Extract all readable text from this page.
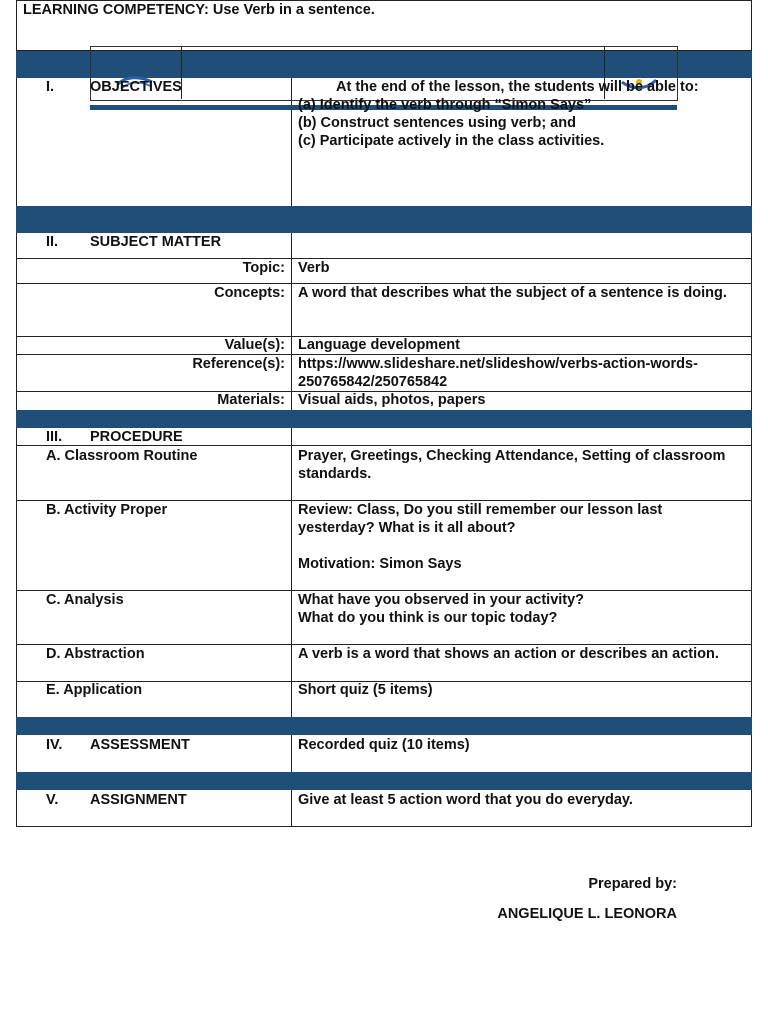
LEARNING COMPETENCY: Use Verb in a sentence.
I. OBJECTIVES	At the end of the lesson, the students will be able to:
(a) Identify the verb through “Simon Says”
(b) Construct sentences using verb; and
(c) Participate actively in the class activities.
II. SUBJECT MATTER
Topic: Verb
Concepts: A word that describes what the subject of a sentence is doing.
Value(s): Language development
Reference(s): https://www.slideshare.net/slideshow/verbs-action-words-
250765842/250765842
Materials: Visual aids, photos, papers
III. PROCEDURE
A. Classroom Routine	Prayer, Greetings, Checking Attendance, Setting of classroom
standards.
B. Activity Proper	Review: Class, Do you still remember our lesson last
yesterday? What is it all about?
Motivation: Simon Says
C. Analysis	What have you observed in your activity?
What do you think is our topic today?
D. Abstraction	A verb is a word that shows an action or describes an action.
E. Application	Short quiz (5 items)
IV. ASSESSMENT	Recorded quiz (10 items)
V. ASSIGNMENT	Give at least 5 action word that you do everyday.
Prepared by:
ANGELIQUE L. LEONORA
